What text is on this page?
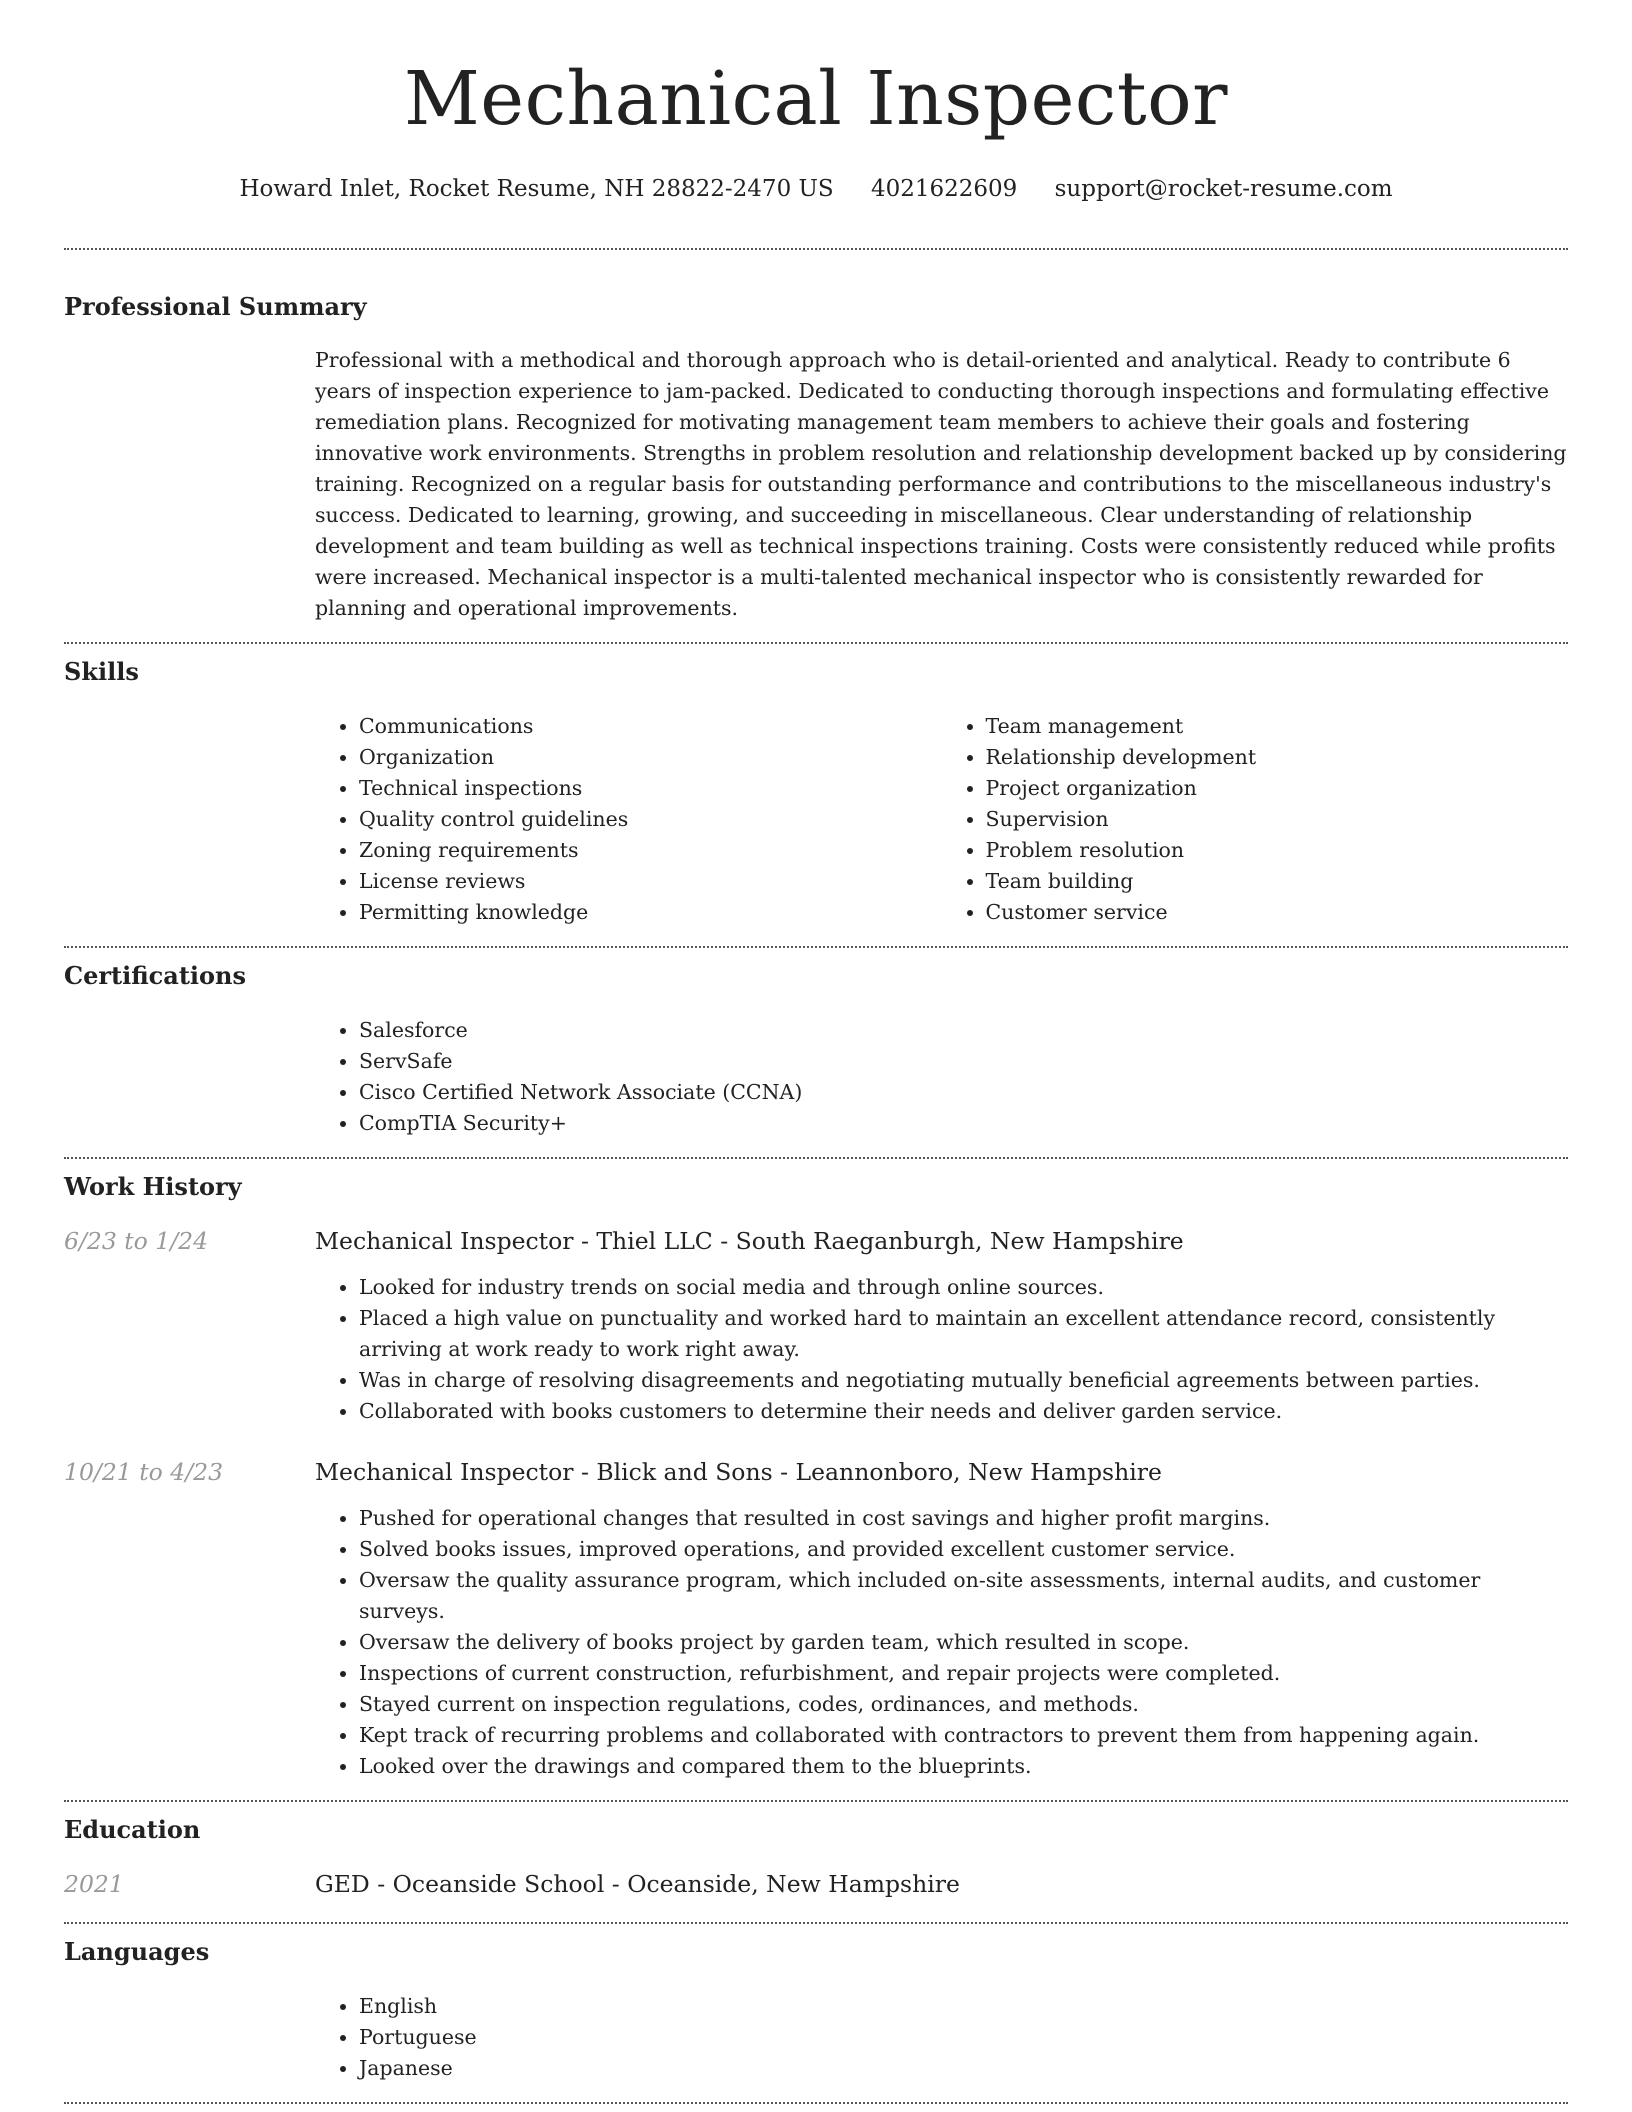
Mechanical Inspector
Howard Inlet, Rocket Resume, NH 28822-2470 US 4021622609 support@rocket-resume.com
Professional Summary

Professional with a methodical and thorough approach who is detail-oriented and analytical. Ready to contribute 6 years of inspection experience to jam-packed. Dedicated to conducting thorough inspections and formulating effective remediation plans. Recognized for motivating management team members to achieve their goals and fostering innovative work environments. Strengths in problem resolution and relationship development backed up by considering training. Recognized on a regular basis for outstanding performance and contributions to the miscellaneous industry's success. Dedicated to learning, growing, and succeeding in miscellaneous. Clear understanding of relationship development and team building as well as technical inspections training. Costs were consistently reduced while profits were increased. Mechanical inspector is a multi-talented mechanical inspector who is consistently rewarded for planning and operational improvements.

Skills
• Communications
• Organization
• Technical inspections
• Quality control guidelines
• Zoning requirements
• License reviews
• Permitting knowledge
• Team management
• Relationship development
• Project organization
• Supervision
• Problem resolution
• Team building
• Customer service
Certifications
• Salesforce
• ServSafe
• Cisco Certified Network Associate (CCNA)
• CompTIA Security+
Work History
6/23 to 1/24	Mechanical Inspector - Thiel LLC - South Raeganburgh, New Hampshire
• Looked for industry trends on social media and through online sources.
• Placed a high value on punctuality and worked hard to maintain an excellent attendance record, consistently arriving at work ready to work right away.
• Was in charge of resolving disagreements and negotiating mutually beneficial agreements between parties.
• Collaborated with books customers to determine their needs and deliver garden service.
10/21 to 4/23	Mechanical Inspector - Blick and Sons - Leannonboro, New Hampshire
• Pushed for operational changes that resulted in cost savings and higher profit margins.
• Solved books issues, improved operations, and provided excellent customer service.
• Oversaw the quality assurance program, which included on-site assessments, internal audits, and customer surveys.
• Oversaw the delivery of books project by garden team, which resulted in scope.
• Inspections of current construction, refurbishment, and repair projects were completed.
• Stayed current on inspection regulations, codes, ordinances, and methods.
• Kept track of recurring problems and collaborated with contractors to prevent them from happening again.
• Looked over the drawings and compared them to the blueprints.
Education
2021	GED - Oceanside School - Oceanside, New Hampshire
Languages
• English
• Portuguese
• Japanese
